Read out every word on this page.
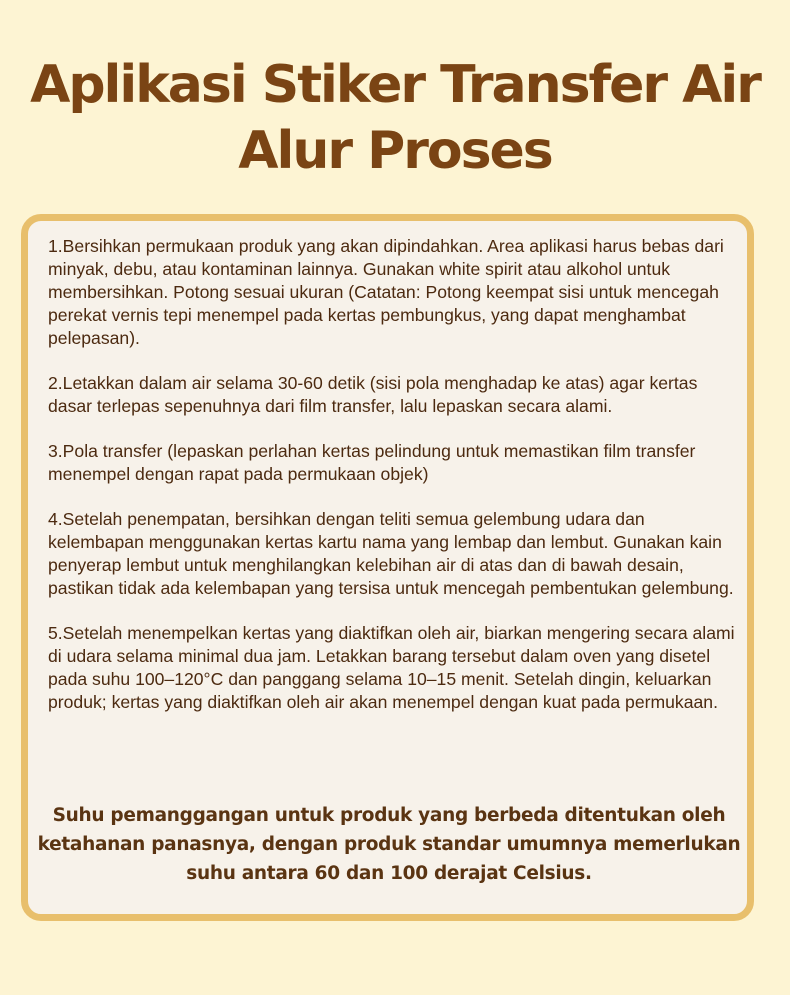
Aplikasi Stiker Transfer Air
Alur Proses
1.Bersihkan permukaan produk yang akan dipindahkan. Area aplikasi harus bebas dari minyak, debu, atau kontaminan lainnya. Gunakan white spirit atau alkohol untuk membersihkan. Potong sesuai ukuran (Catatan: Potong keempat sisi untuk mencegah perekat vernis tepi menempel pada kertas pembungkus, yang dapat menghambat pelepasan).
2.Letakkan dalam air selama 30-60 detik (sisi pola menghadap ke atas) agar kertas dasar terlepas sepenuhnya dari film transfer, lalu lepaskan secara alami.
3.Pola transfer (lepaskan perlahan kertas pelindung untuk memastikan film transfer menempel dengan rapat pada permukaan objek)
4.Setelah penempatan, bersihkan dengan teliti semua gelembung udara dan kelembapan menggunakan kertas kartu nama yang lembap dan lembut. Gunakan kain penyerap lembut untuk menghilangkan kelebihan air di atas dan di bawah desain, pastikan tidak ada kelembapan yang tersisa untuk mencegah pembentukan gelembung.
5.Setelah menempelkan kertas yang diaktifkan oleh air, biarkan mengering secara alami di udara selama minimal dua jam. Letakkan barang tersebut dalam oven yang disetel pada suhu 100–120°C dan panggang selama 10–15 menit. Setelah dingin, keluarkan produk; kertas yang diaktifkan oleh air akan menempel dengan kuat pada permukaan.

Suhu pemanggangan untuk produk yang berbeda ditentukan oleh ketahanan panasnya, dengan produk standar umumnya memerlukan suhu antara 60 dan 100 derajat Celsius.
